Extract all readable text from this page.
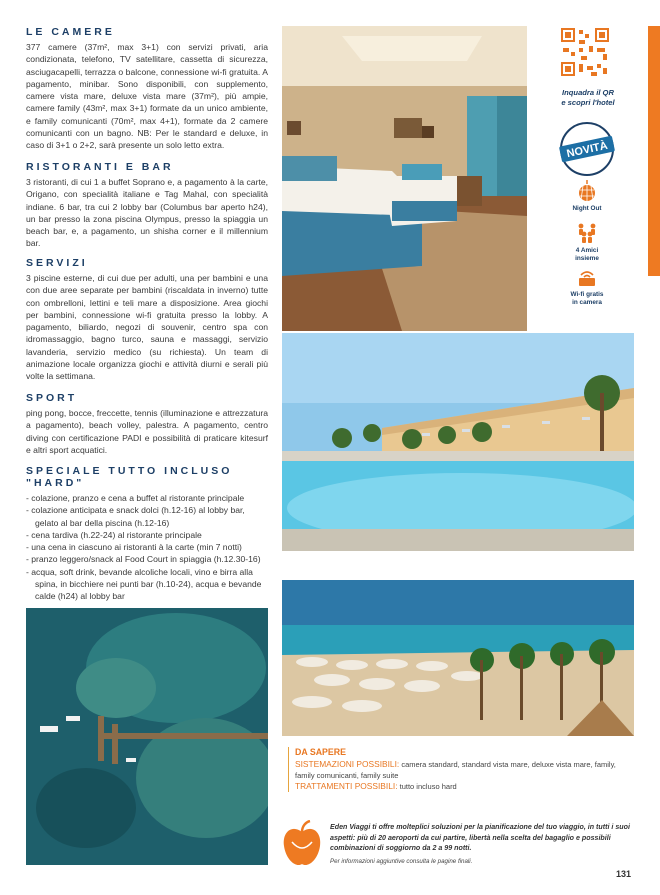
LE CAMERE
377 camere (37m², max 3+1) con servizi privati, aria condizionata, telefono, TV satellitare, cassetta di sicurezza, asciugacapelli, terrazza o balcone, connessione wi-fi gratuita. A pagamento, minibar. Sono disponibili, con supplemento, camere vista mare, deluxe vista mare (37m²), più ampie, camere family (43m², max 3+1) formate da un unico ambiente, e family comunicanti (70m², max 4+1), formate da 2 camere comunicanti con un bagno. NB: Per le standard e deluxe, in caso di 3+1 o 2+2, sarà presente un solo letto extra.
RISTORANTI E BAR
3 ristoranti, di cui 1 a buffet Soprano e, a pagamento à la carte, Origano, con specialità italiane e Tag Mahal, con specialità indiane. 6 bar, tra cui 2 lobby bar (Columbus bar aperto h24), un bar presso la zona piscina Olympus, presso la spiaggia un beach bar, e, a pagamento, un shisha corner e il millennium bar.
SERVIZI
3 piscine esterne, di cui due per adulti, una per bambini e una con due aree separate per bambini (riscaldata in inverno) tutte con ombrelloni, lettini e teli mare a disposizione. Area giochi per bambini, connessione wi-fi gratuita presso la lobby. A pagamento, biliardo, negozi di souvenir, centro spa con idromassaggio, bagno turco, sauna e massaggi, servizio lavanderia, servizio medico (su richiesta). Un team di animazione locale organizza giochi e attività diurni e serali più volte la settimana.
SPORT
ping pong, bocce, freccette, tennis (illuminazione e attrezzatura a pagamento), beach volley, palestra. A pagamento, centro diving con certificazione PADI e possibilità di praticare kitesurf e altri sport acquatici.
SPECIALE TUTTO INCLUSO "HARD"
- colazione, pranzo e cena a buffet al ristorante principale
- colazione anticipata e snack dolci (h.12-16) al lobby bar, gelato al bar della piscina (h.12-16)
- cena tardiva (h.22-24) al ristorante principale
- una cena in ciascuno ai ristoranti à la carte (min 7 notti)
- pranzo leggero/snack al Food Court in spiaggia (h.12.30-16)
- acqua, soft drink, bevande alcoliche locali, vino e birra alla spina, in bicchiere nei punti bar (h.10-24), acqua e bevande calde (h24) al lobby bar
Inquadra il QR
e scopri l'hotel
NOVITÀ
Night Out
4 Amici
insieme
Wi-fi gratis
in camera
DA SAPERE
SISTEMAZIONI POSSIBILI: camera standard, standard vista mare, deluxe vista mare, family, family comunicanti, family suite
TRATTAMENTI POSSIBILI: tutto incluso hard
Eden Viaggi ti offre molteplici soluzioni per la pianificazione del tuo viaggio, in tutti i suoi aspetti: più di 20 aeroporti da cui partire, libertà nella scelta del bagaglio e possibili combinazioni di soggiorno da 2 a 99 notti.
Per informazioni aggiuntive consulta le pagine finali.
131
